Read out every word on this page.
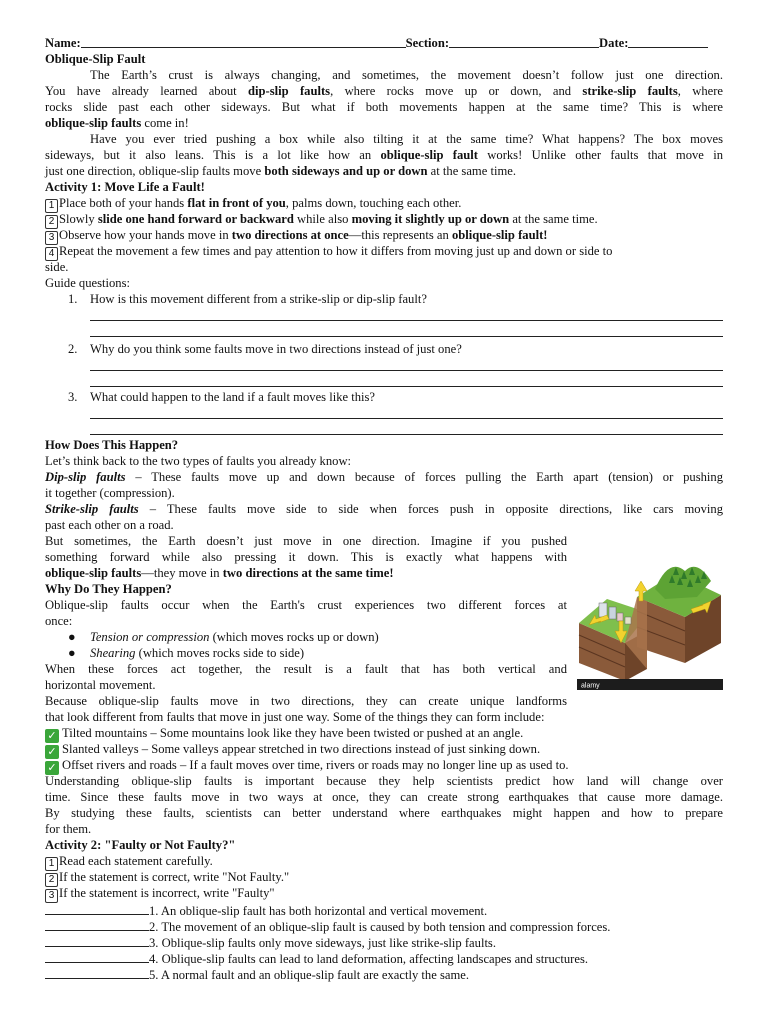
Name:	Section:	Date:
Oblique-Slip Fault
The Earth’s crust is always changing, and sometimes, the movement doesn’t follow just one direction.
You have already learned about dip-slip faults, where rocks move up or down, and strike-slip faults, where
rocks slide past each other sideways. But what if both movements happen at the same time? This is where
oblique-slip faults come in!
Have you ever tried pushing a box while also tilting it at the same time? What happens? The box moves
sideways, but it also leans. This is a lot like how an oblique-slip fault works! Unlike other faults that move in
just one direction, oblique-slip faults move both sideways and up or down at the same time.
Activity 1: Move Life a Fault!
1 Place both of your hands flat in front of you, palms down, touching each other.
2 Slowly slide one hand forward or backward while also moving it slightly up or down at the same time.
3 Observe how your hands move in two directions at once—this represents an oblique-slip fault!
4 Repeat the movement a few times and pay attention to how it differs from moving just up and down or side to
side.
Guide questions:
1. How is this movement different from a strike-slip or dip-slip fault?
2. Why do you think some faults move in two directions instead of just one?
3. What could happen to the land if a fault moves like this?
How Does This Happen?
Let’s think back to the two types of faults you already know:
Dip-slip faults – These faults move up and down because of forces pulling the Earth apart (tension) or pushing
it together (compression).
Strike-slip faults – These faults move side to side when forces push in opposite directions, like cars moving
past each other on a road.
But sometimes, the Earth doesn’t just move in one direction. Imagine if you pushed
something forward while also pressing it down. This is exactly what happens with
oblique-slip faults—they move in two directions at the same time!
Why Do They Happen?
Oblique-slip faults occur when the Earth's crust experiences two different forces at
once:
● Tension or compression (which moves rocks up or down)
● Shearing (which moves rocks side to side)
When these forces act together, the result is a fault that has both vertical and
horizontal movement.
Because oblique-slip faults move in two directions, they can create unique landforms
that look different from faults that move in just one way. Some of the things they can form include:
✓ Tilted mountains – Some mountains look like they have been twisted or pushed at an angle.
✓ Slanted valleys – Some valleys appear stretched in two directions instead of just sinking down.
✓ Offset rivers and roads – If a fault moves over time, rivers or roads may no longer line up as used to.
Understanding oblique-slip faults is important because they help scientists predict how land will change over
time. Since these faults move in two ways at once, they can create strong earthquakes that cause more damage.
By studying these faults, scientists can better understand where earthquakes might happen and how to prepare
for them.
Activity 2: "Faulty or Not Faulty?"
1 Read each statement carefully.
2 If the statement is correct, write "Not Faulty."
3 If the statement is incorrect, write "Faulty"
1. An oblique-slip fault has both horizontal and vertical movement.
2. The movement of an oblique-slip fault is caused by both tension and compression forces.
3. Oblique-slip faults only move sideways, just like strike-slip faults.
4. Oblique-slip faults can lead to land deformation, affecting landscapes and structures.
5. A normal fault and an oblique-slip fault are exactly the same.
alamy
